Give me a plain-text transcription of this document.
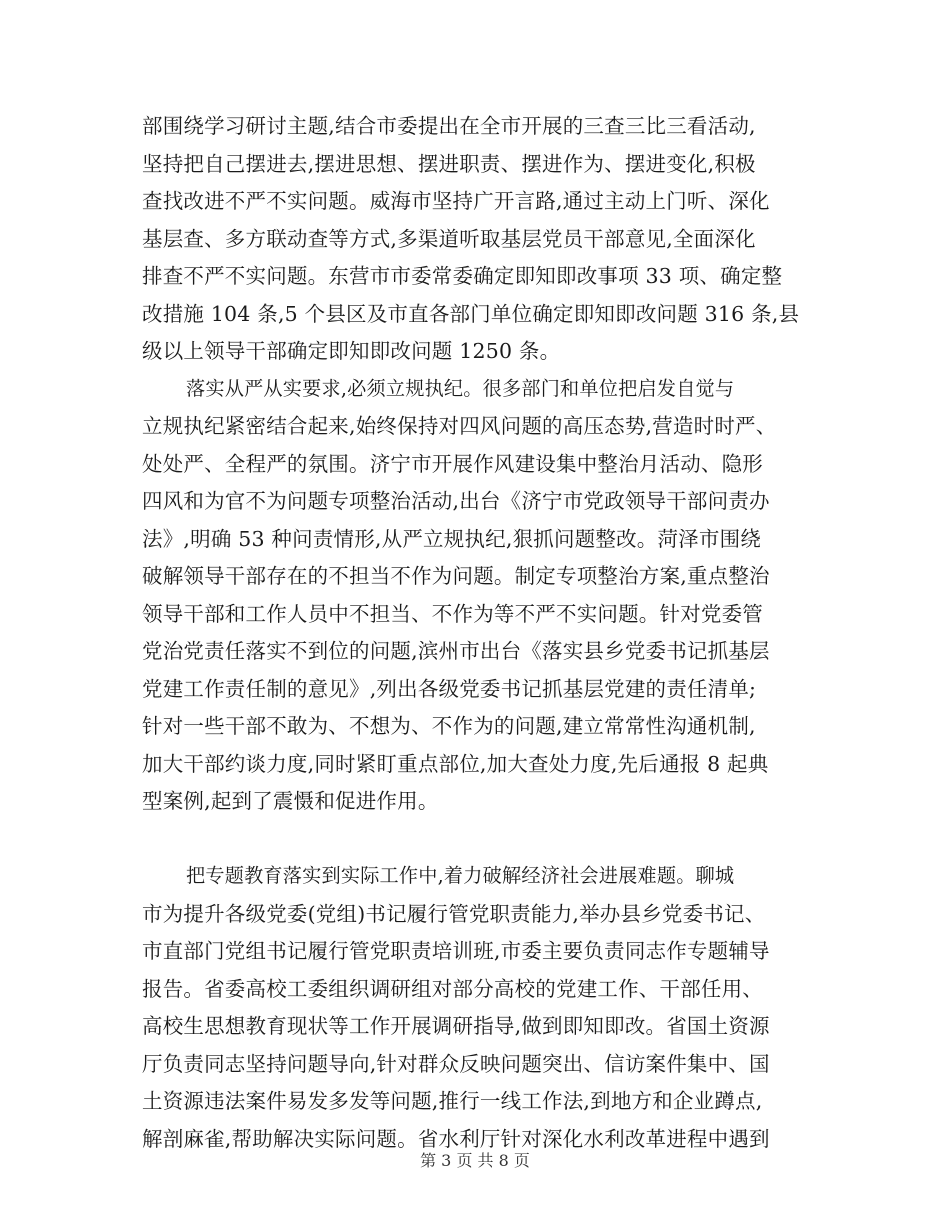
部围绕学习研讨主题,结合市委提出在全市开展的三查三比三看活动,
坚持把自己摆进去,摆进思想、摆进职责、摆进作为、摆进变化,积极
查找改进不严不实问题。威海市坚持广开言路,通过主动上门听、深化
基层查、多方联动查等方式,多渠道听取基层党员干部意见,全面深化
排查不严不实问题。东营市市委常委确定即知即改事项 33 项、确定整
改措施 104 条,5 个县区及市直各部门单位确定即知即改问题 316 条,县
级以上领导干部确定即知即改问题 1250 条。
落实从严从实要求,必须立规执纪。很多部门和单位把启发自觉与
立规执纪紧密结合起来,始终保持对四风问题的高压态势,营造时时严、
处处严、全程严的氛围。济宁市开展作风建设集中整治月活动、隐形
四风和为官不为问题专项整治活动,出台《济宁市党政领导干部问责办
法》,明确 53 种问责情形,从严立规执纪,狠抓问题整改。菏泽市围绕
破解领导干部存在的不担当不作为问题。制定专项整治方案,重点整治
领导干部和工作人员中不担当、不作为等不严不实问题。针对党委管
党治党责任落实不到位的问题,滨州市出台《落实县乡党委书记抓基层
党建工作责任制的意见》,列出各级党委书记抓基层党建的责任清单;
针对一些干部不敢为、不想为、不作为的问题,建立常常性沟通机制,
加大干部约谈力度,同时紧盯重点部位,加大查处力度,先后通报 8 起典
型案例,起到了震慑和促进作用。
把专题教育落实到实际工作中,着力破解经济社会进展难题。聊城
市为提升各级党委(党组)书记履行管党职责能力,举办县乡党委书记、
市直部门党组书记履行管党职责培训班,市委主要负责同志作专题辅导
报告。省委高校工委组织调研组对部分高校的党建工作、干部任用、
高校生思想教育现状等工作开展调研指导,做到即知即改。省国土资源
厅负责同志坚持问题导向,针对群众反映问题突出、信访案件集中、国
土资源违法案件易发多发等问题,推行一线工作法,到地方和企业蹲点,
解剖麻雀,帮助解决实际问题。省水利厅针对深化水利改革进程中遇到
第 3 页 共 8 页
